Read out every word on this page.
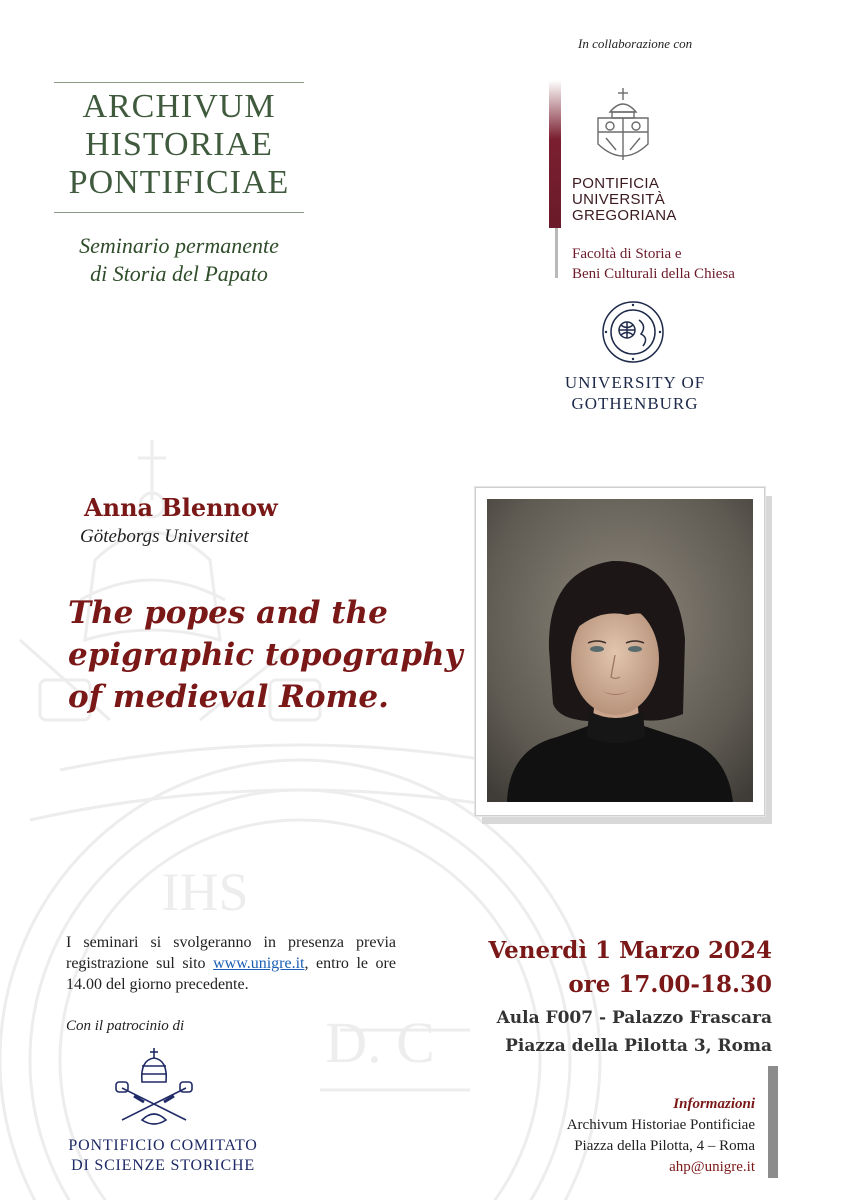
IHS
D. C
ARCHIVUM
HISTORIAE
PONTIFICIAE
Seminario permanente
di Storia del Papato
In collaborazione con
PONTIFICIA
UNIVERSITÀ
GREGORIANA
Facoltà di Storia e
Beni Culturali della Chiesa
UNIVERSITY OF
GOTHENBURG
Anna Blennow
Göteborgs Universitet
The popes and the
epigraphic topography
of medieval Rome.
I seminari si svolgeranno in presenza previa registrazione sul sito www.unigre.it, entro le ore 14.00 del giorno precedente.
Con il patrocinio di
PONTIFICIO COMITATO
DI SCIENZE STORICHE
Venerdì 1 Marzo 2024
ore 17.00-18.30
Aula F007 - Palazzo Frascara
Piazza della Pilotta 3, Roma
Informazioni
Archivum Historiae Pontificiae
Piazza della Pilotta, 4 – Roma
ahp@unigre.it
